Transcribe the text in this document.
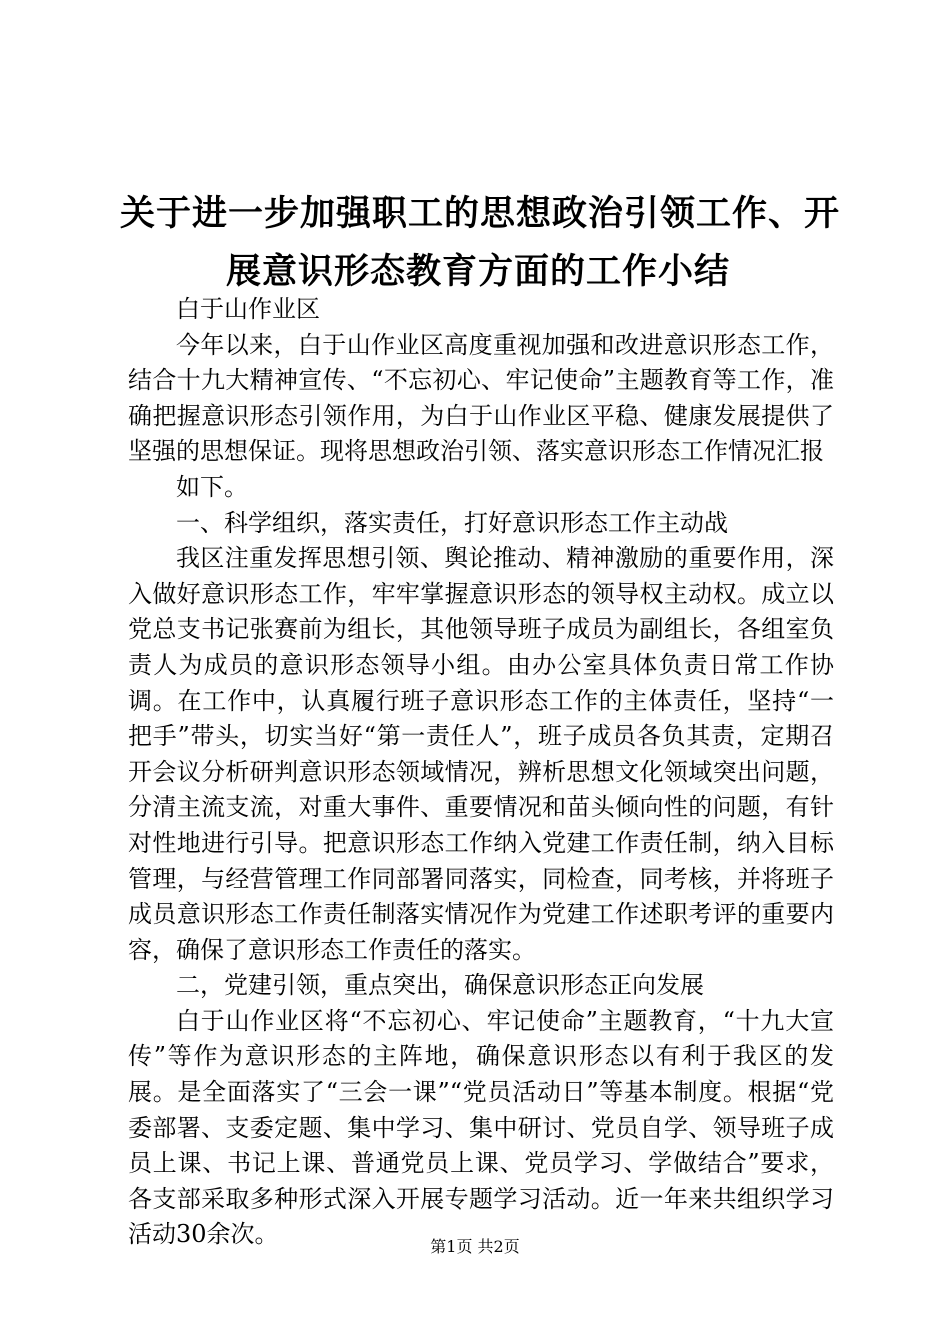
关于进一步加强职工的思想政治引领工作、开
展意识形态教育方面的工作小结

白于山作业区

今年以来，白于山作业区高度重视加强和改进意识形态工作，结合十九大精神宣传、“不忘初心、牢记使命”主题教育等工作，准确把握意识形态引领作用，为白于山作业区平稳、健康发展提供了坚强的思想保证。现将思想政治引领、落实意识形态工作情况汇报

如下。

一、科学组织，落实责任，打好意识形态工作主动战

我区注重发挥思想引领、舆论推动、精神激励的重要作用，深入做好意识形态工作，牢牢掌握意识形态的领导权主动权。成立以党总支书记张赛前为组长，其他领导班子成员为副组长，各组室负责人为成员的意识形态领导小组。由办公室具体负责日常工作协调。在工作中，认真履行班子意识形态工作的主体责任，坚持“一把手”带头，切实当好“第一责任人”，班子成员各负其责，定期召开会议分析研判意识形态领域情况，辨析思想文化领域突出问题，分清主流支流，对重大事件、重要情况和苗头倾向性的问题，有针对性地进行引导。把意识形态工作纳入党建工作责任制，纳入目标管理，与经营管理工作同部署同落实，同检查，同考核，并将班子成员意识形态工作责任制落实情况作为党建工作述职考评的重要内容，确保了意识形态工作责任的落实。

二，党建引领，重点突出，确保意识形态正向发展

白于山作业区将“不忘初心、牢记使命”主题教育，“十九大宣传”等作为意识形态的主阵地，确保意识形态以有利于我区的发展。是全面落实了“三会一课”“党员活动日”等基本制度。根据“党委部署、支委定题、集中学习、集中研讨、党员自学、领导班子成员上课、书记上课、普通党员上课、党员学习、学做结合”要求，各支部采取多种形式深入开展专题学习活动。近一年来共组织学习活动30余次。	第1页 共2页
